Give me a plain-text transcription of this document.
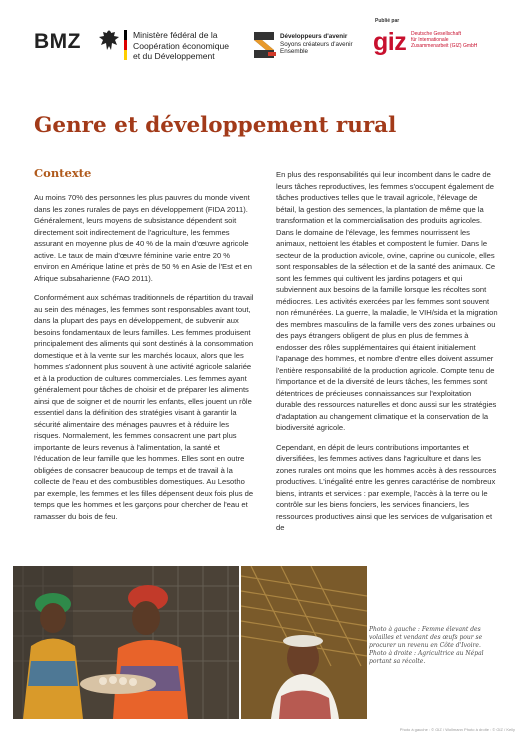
BMZ	Ministère fédéral de la
Coopération économique
et du Développement
Développeurs d'avenir
Soyons créateurs d'avenir
Ensemble
Publié par
giz Deutsche Gesellschaft
für Internationale
Zusammenarbeit (GIZ) GmbH
Genre et développement rural
Contexte

Au moins 70% des personnes les plus pauvres du monde vivent dans les zones rurales de pays en développement (FIDA 2011). Généralement, leurs moyens de subsistance dépendent soit directement soit indirectement de l'agriculture, les femmes assurant en moyenne plus de 40 % de la main d'œuvre agricole active. Le taux de main d'œuvre féminine varie entre 20 % environ en Amérique latine et près de 50 % en Asie de l'Est et en Afrique subsaharienne (FAO 2011).

Conformément aux schémas traditionnels de répartition du travail au sein des ménages, les femmes sont responsables avant tout, dans la plupart des pays en développement, de subvenir aux besoins fondamentaux de leurs familles. Les femmes produisent principalement des aliments qui sont destinés à la consommation domestique et à la vente sur les marchés locaux, alors que les hommes s'adonnent plus souvent à une activité agricole salariée et à la production de cultures commerciales. Les femmes ayant généralement pour tâches de choisir et de préparer les aliments ainsi que de soigner et de nourrir les enfants, elles jouent un rôle essentiel dans la définition des stratégies visant à garantir la sécurité alimentaire des ménages pauvres et à réduire les risques. Normalement, les femmes consacrent une part plus importante de leurs revenus à l'alimentation, la santé et l'éducation de leur famille que les hommes. Elles sont en outre obligées de consacrer beaucoup de temps et de travail à la collecte de l'eau et des combustibles domestiques. Au Lesotho par exemple, les femmes et les filles dépensent deux fois plus de temps que les hommes et les garçons pour chercher de l'eau et ramasser du bois de feu.

En plus des responsabilités qui leur incombent dans le cadre de leurs tâches reproductives, les femmes s'occupent également de tâches productives telles que le travail agricole, l'élevage de bétail, la gestion des semences, la plantation de même que la transformation et la commercialisation des produits agricoles. Dans le domaine de l'élevage, les femmes nourrissent les animaux, nettoient les étables et compostent le fumier. Dans le secteur de la production avicole, ovine, caprine ou cunicole, elles sont responsables de la sélection et de la santé des animaux. Ce sont les femmes qui cultivent les jardins potagers et qui subviennent aux besoins de la famille lorsque les récoltes sont médiocres. Les activités exercées par les femmes sont souvent non rémunérées. La guerre, la maladie, le VIH/sida et la migration des membres masculins de la famille vers des zones urbaines ou des pays étrangers obligent de plus en plus de femmes à endosser des rôles supplémentaires qui étaient initialement l'apanage des hommes, et nombre d'entre elles doivent assumer l'entière responsabilité de la production agricole. Compte tenu de l'importance et de la diversité de leurs tâches, les femmes sont détentrices de précieuses connaissances sur l'exploitation durable des ressources naturelles et donc aussi sur les stratégies d'adaptation au changement climatique et la conservation de la biodiversité agricole.

Cependant, en dépit de leurs contributions importantes et diversifiées, les femmes actives dans l'agriculture et dans les zones rurales ont moins que les hommes accès à des ressources productives. L'inégalité entre les genres caractérise de nombreux biens, intrants et services : par exemple, l'accès à la terre ou le contrôle sur les biens fonciers, les services financiers, les ressources productives ainsi que les services de vulgarisation et de

Photo à gauche : Femme élevant des volailles et vendant des œufs pour se procurer un revenu en Côte d'Ivoire.
Photo à droite : Agricultrice au Népal portant sa récolte.
Photo à gauche : © GIZ / Wollmann Photo à droite : © GIZ / Kelly
